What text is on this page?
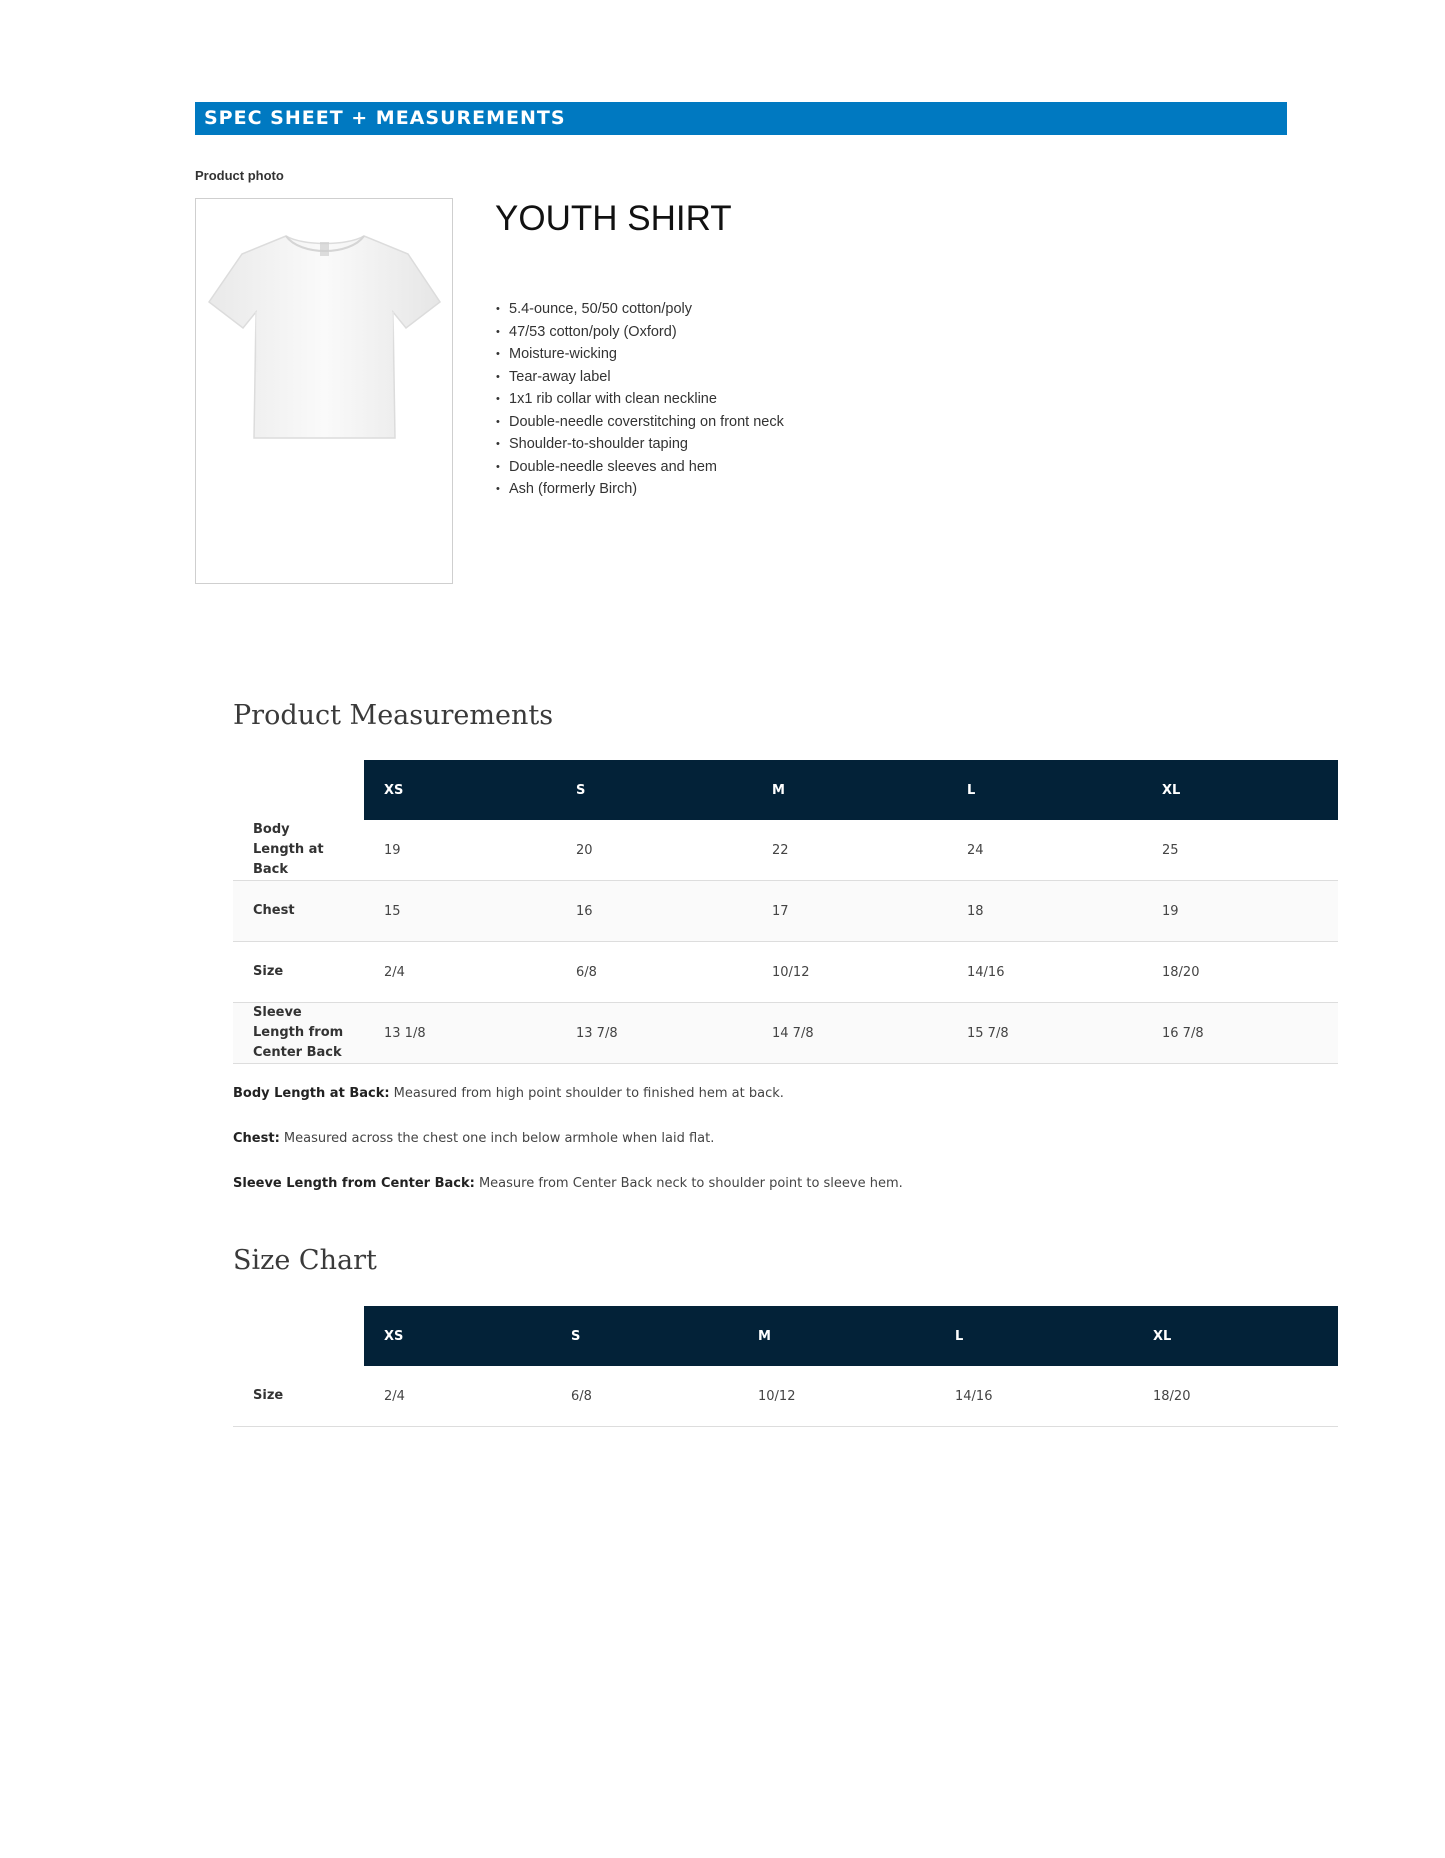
SPEC SHEET + MEASUREMENTS
Product photo
YOUTH SHIRT
• 5.4-ounce, 50/50 cotton/poly
• 47/53 cotton/poly (Oxford)
• Moisture-wicking
• Tear-away label
• 1x1 rib collar with clean neckline
• Double-needle coverstitching on front neck
• Shoulder-to-shoulder taping
• Double-needle sleeves and hem
• Ash (formerly Birch)
Product Measurements
	XS	S	M	L	XL
Body Length at Back	19	20	22	24	25
Chest	15	16	17	18	19
Size	2/4	6/8	10/12	14/16	18/20
Sleeve Length from Center Back	13 1/8	13 7/8	14 7/8	15 7/8	16 7/8

Body Length at Back: Measured from high point shoulder to finished hem at back.

Chest: Measured across the chest one inch below armhole when laid flat.

Sleeve Length from Center Back: Measure from Center Back neck to shoulder point to sleeve hem.

Size Chart
	XS	S	M	L	XL
Size	2/4	6/8	10/12	14/16	18/20
